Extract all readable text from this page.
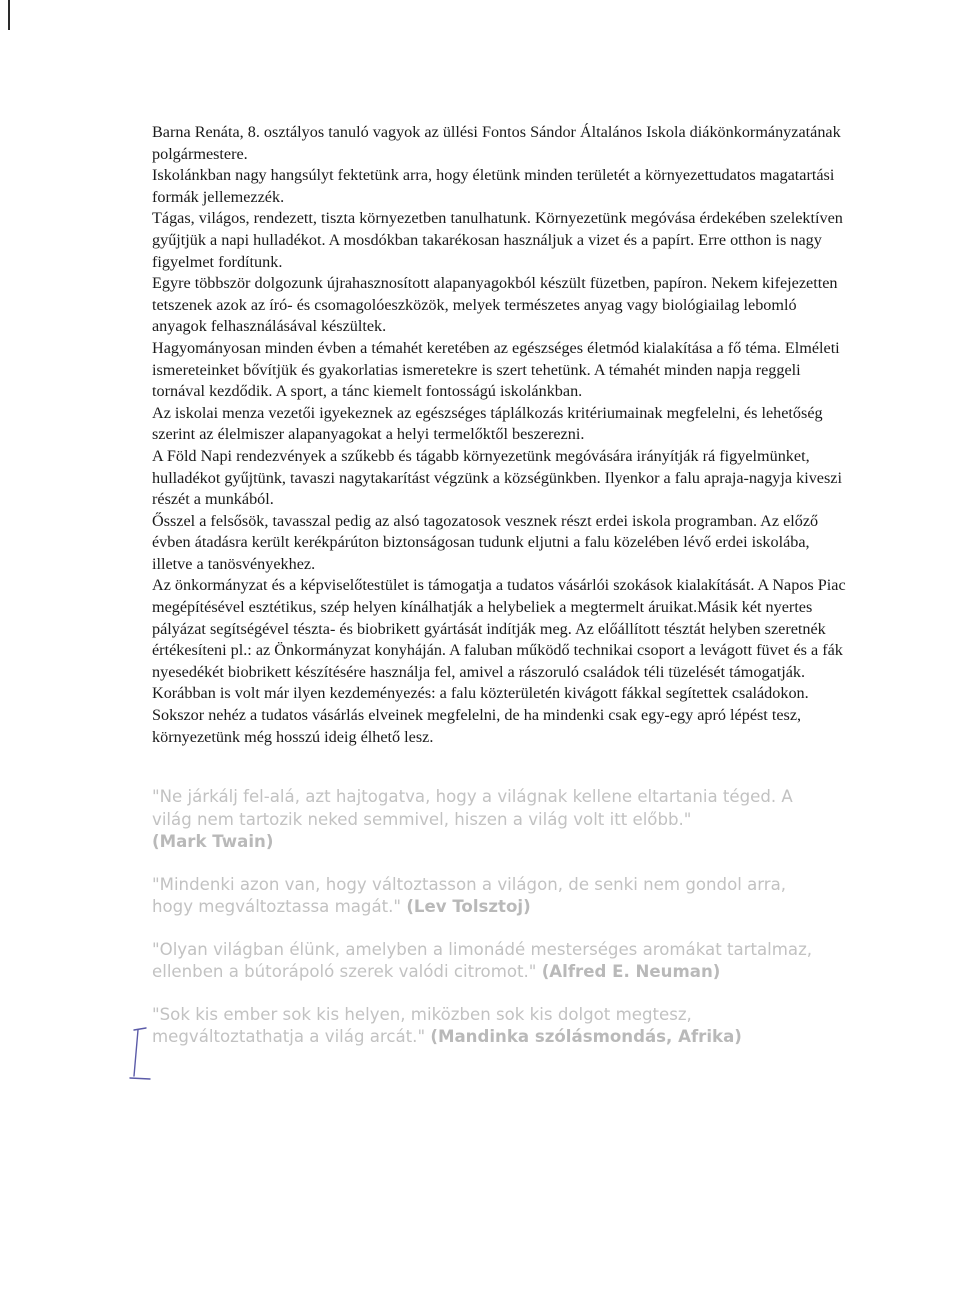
Barna Renáta, 8. osztályos tanuló vagyok az üllési Fontos Sándor Általános Iskola diákönkormányzatának polgármestere.

Iskolánkban nagy hangsúlyt fektetünk arra, hogy életünk minden területét a környezettudatos magatartási formák jellemezzék.

Tágas, világos, rendezett, tiszta környezetben tanulhatunk. Környezetünk megóvása érdekében szelektíven gyűjtjük a napi hulladékot. A mosdókban takarékosan használjuk a vizet és a papírt. Erre otthon is nagy figyelmet fordítunk.

Egyre többször dolgozunk újrahasznosított alapanyagokból készült füzetben, papíron. Nekem kifejezetten tetszenek azok az író- és csomagolóeszközök, melyek természetes anyag vagy biológiailag lebomló anyagok felhasználásával készültek.

Hagyományosan minden évben a témahét keretében az egészséges életmód kialakítása a fő téma. Elméleti ismereteinket bővítjük és gyakorlatias ismeretekre is szert tehetünk. A témahét minden napja reggeli tornával kezdődik. A sport, a tánc kiemelt fontosságú iskolánkban.

Az iskolai menza vezetői igyekeznek az egészséges táplálkozás kritériumainak megfelelni, és lehetőség szerint az élelmiszer alapanyagokat a helyi termelőktől beszerezni.

A Föld Napi rendezvények a szűkebb és tágabb környezetünk megóvására irányítják rá figyelmünket, hulladékot gyűjtünk, tavaszi nagytakarítást végzünk a községünkben. Ilyenkor a falu apraja-nagyja kiveszi részét a munkából.

Ősszel a felsősök, tavasszal pedig az alsó tagozatosok vesznek részt erdei iskola programban. Az előző évben átadásra került kerékpárúton biztonságosan tudunk eljutni a falu közelében lévő erdei iskolába, illetve a tanösvényekhez.

Az önkormányzat és a képviselőtestület is támogatja a tudatos vásárlói szokások kialakítását. A Napos Piac megépítésével esztétikus, szép helyen kínálhatják a helybeliek a megtermelt áruikat.Másik két nyertes pályázat segítségével tészta- és biobrikett gyártását indítják meg. Az előállított tésztát helyben szeretnék értékesíteni pl.: az Önkormányzat konyháján. A faluban működő technikai csoport a levágott füvet és a fák nyesedékét biobrikett készítésére használja fel, amivel a rászoruló családok téli tüzelését támogatják. Korábban is volt már ilyen kezdeményezés: a falu közterületén kivágott fákkal segítettek családokon.

Sokszor nehéz a tudatos vásárlás elveinek megfelelni, de ha mindenki csak egy-egy apró lépést tesz, környezetünk még hosszú ideig élhető lesz.

"Ne járkálj fel-alá, azt hajtogatva, hogy a világnak kellene eltartania téged. A világ nem tartozik neked semmivel, hiszen a világ volt itt előbb."
(Mark Twain)

"Mindenki azon van, hogy változtasson a világon, de senki nem gondol arra, hogy megváltoztassa magát." (Lev Tolsztoj)

"Olyan világban élünk, amelyben a limonádé mesterséges aromákat tartalmaz, ellenben a bútorápoló szerek valódi citromot." (Alfred E. Neuman)

"Sok kis ember sok kis helyen, miközben sok kis dolgot megtesz, megváltoztathatja a világ arcát." (Mandinka szólásmondás, Afrika)
